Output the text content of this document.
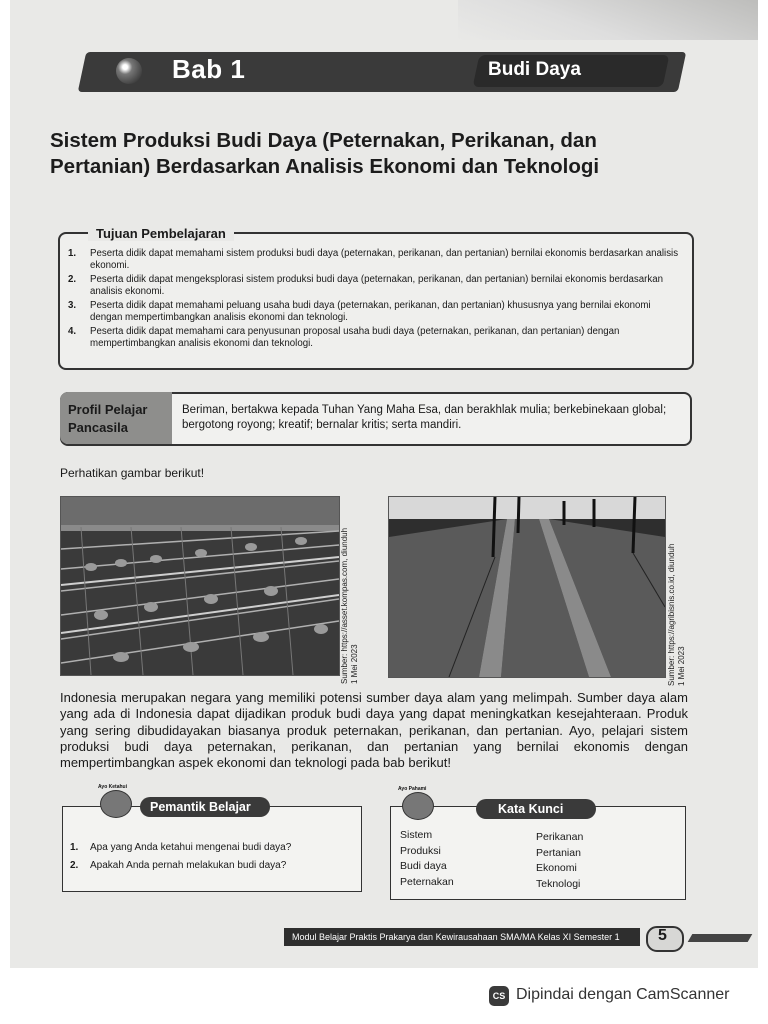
Bab 1	Budi Daya
Sistem Produksi Budi Daya (Peternakan, Perikanan, dan Pertanian) Berdasarkan Analisis Ekonomi dan Teknologi
Tujuan Pembelajaran
1. Peserta didik dapat memahami sistem produksi budi daya (peternakan, perikanan, dan pertanian) bernilai ekonomis berdasarkan analisis ekonomi.
2. Peserta didik dapat mengeksplorasi sistem produksi budi daya (peternakan, perikanan, dan pertanian) bernilai ekonomis berdasarkan analisis ekonomi.
3. Peserta didik dapat memahami peluang usaha budi daya (peternakan, perikanan, dan pertanian) khususnya yang bernilai ekonomi dengan mempertimbangkan analisis ekonomi dan teknologi.
4. Peserta didik dapat memahami cara penyusunan proposal usaha budi daya (peternakan, perikanan, dan pertanian) dengan mempertimbangkan analisis ekonomi dan teknologi.
Profil Pelajar Pancasila
Beriman, bertakwa kepada Tuhan Yang Maha Esa, dan berakhlak mulia; berkebinekaan global; bergotong royong; kreatif; bernalar kritis; serta mandiri.
Perhatikan gambar berikut!
Sumber: https://asset.kompas.com, diunduh 1 Mei 2023	Sumber: https://agribisnis.co.id, diunduh 1 Mei 2023

Indonesia merupakan negara yang memiliki potensi sumber daya alam yang melimpah. Sumber daya alam yang ada di Indonesia dapat dijadikan produk budi daya yang dapat meningkatkan kesejahteraan. Produk yang sering dibudidayakan biasanya produk peternakan, perikanan, dan pertanian. Ayo, pelajari sistem produksi budi daya peternakan, perikanan, dan pertanian yang bernilai ekonomis dengan mempertimbangkan aspek ekonomi dan teknologi pada bab berikut!

Ayo Ketahui
Pemantik Belajar
1. Apa yang Anda ketahui mengenai budi daya?
2. Apakah Anda pernah melakukan budi daya?
Ayo Pahami
Kata Kunci
Sistem
Produksi
Budi daya
Peternakan
Perikanan
Pertanian
Ekonomi
Teknologi
Modul Belajar Praktis Prakarya dan Kewirausahaan SMA/MA Kelas XI Semester 1	5
CS Dipindai dengan CamScanner
